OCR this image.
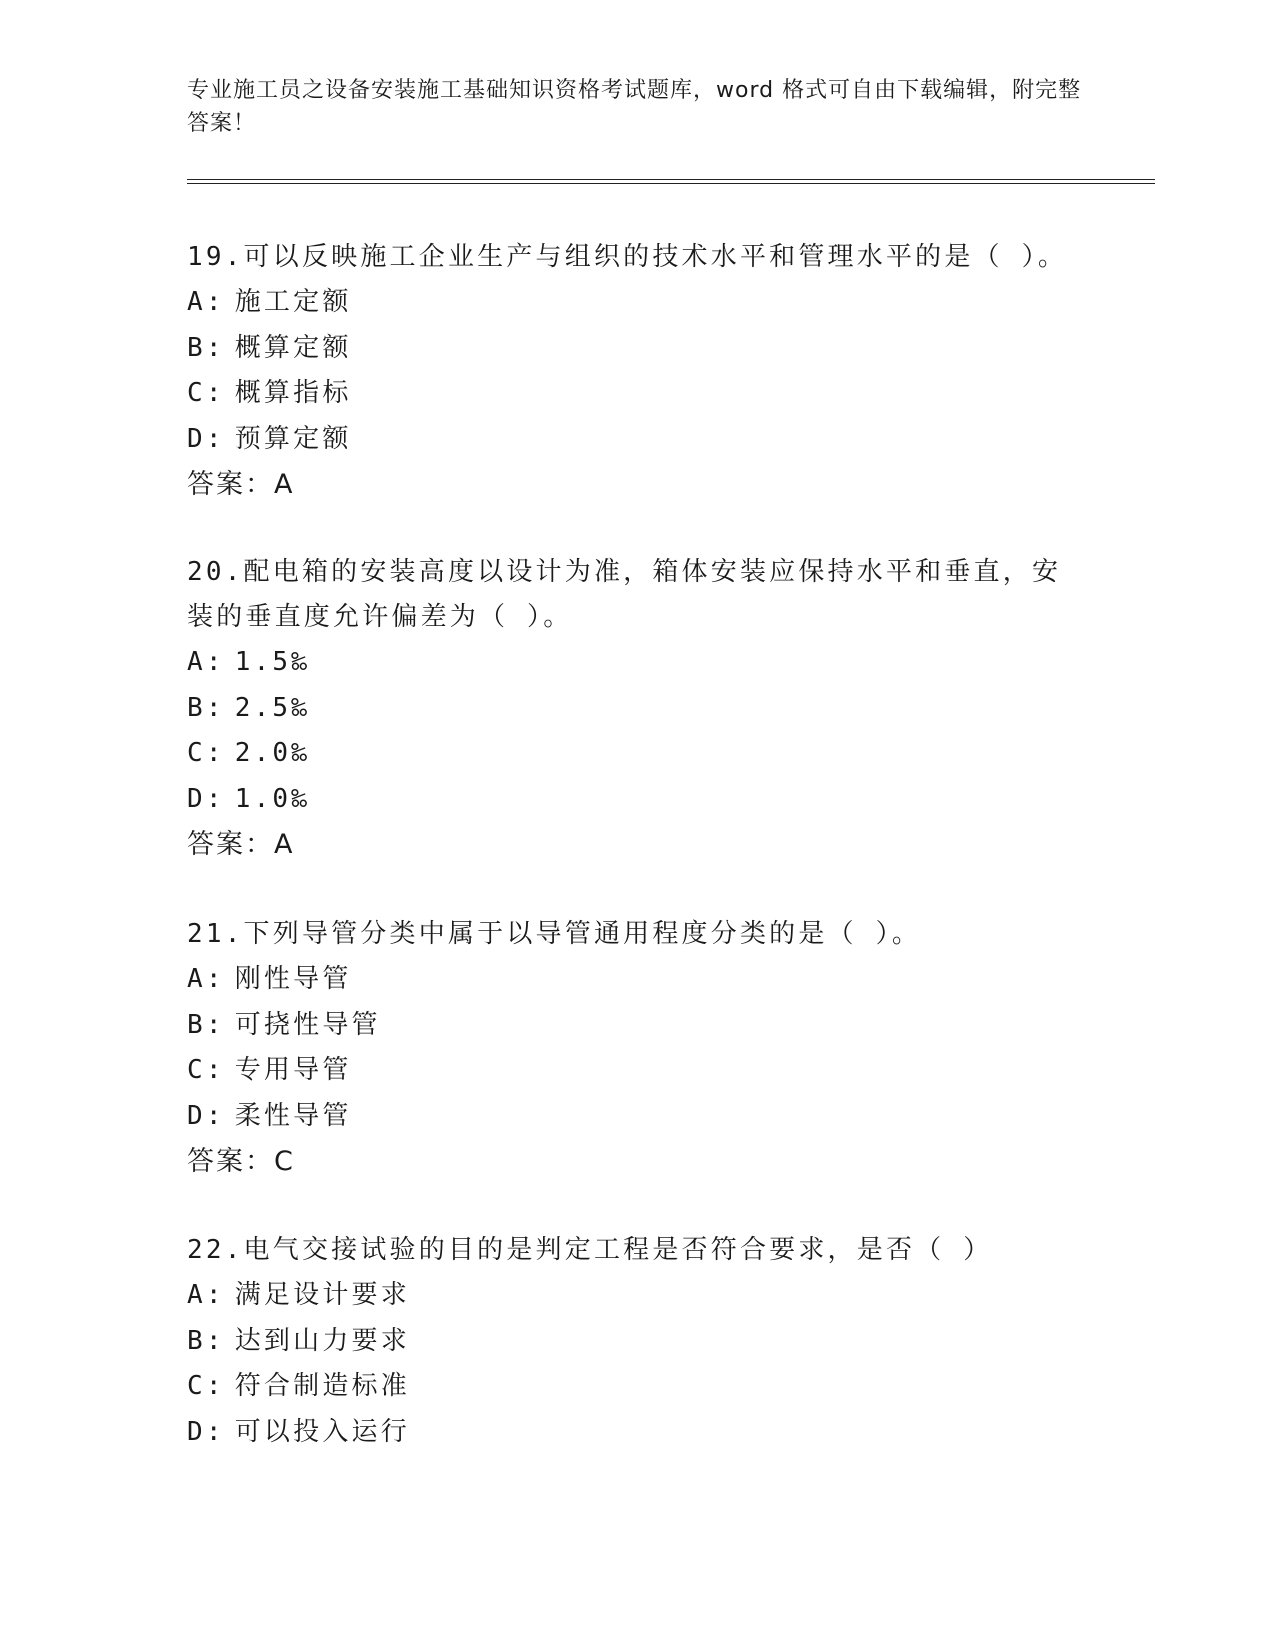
专业施工员之设备安装施工基础知识资格考试题库，word 格式可自由下载编辑，附完整答案！

19.可以反映施工企业生产与组织的技术水平和管理水平的是（ ）。

A: 施工定额
B: 概算定额
C: 概算指标
D: 预算定额
答案：A

20.配电箱的安装高度以设计为准，箱体安装应保持水平和垂直，安装的垂直度允许偏差为（ ）。

A: 1.5‰
B: 2.5‰
C: 2.0‰
D: 1.0‰
答案：A

21.下列导管分类中属于以导管通用程度分类的是（ ）。

A: 刚性导管
B: 可挠性导管
C: 专用导管
D: 柔性导管
答案：C

22.电气交接试验的目的是判定工程是否符合要求，是否（ ）

A: 满足设计要求
B: 达到山力要求
C: 符合制造标准
D: 可以投入运行
